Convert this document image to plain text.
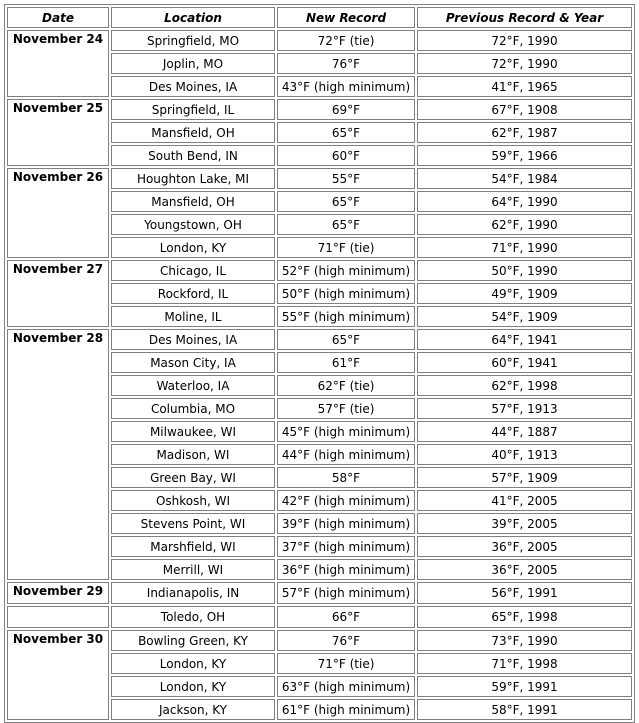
Date	Location	New Record	Previous Record & Year
November 24	Springfield, MO	72°F (tie)	72°F, 1990
	Joplin, MO	76°F	72°F, 1990
	Des Moines, IA	43°F (high minimum)	41°F, 1965
November 25	Springfield, IL	69°F	67°F, 1908
	Mansfield, OH	65°F	62°F, 1987
	South Bend, IN	60°F	59°F, 1966
November 26	Houghton Lake, MI	55°F	54°F, 1984
	Mansfield, OH	65°F	64°F, 1990
	Youngstown, OH	65°F	62°F, 1990
	London, KY	71°F (tie)	71°F, 1990
November 27	Chicago, IL	52°F (high minimum)	50°F, 1990
	Rockford, IL	50°F (high minimum)	49°F, 1909
	Moline, IL	55°F (high minimum)	54°F, 1909
November 28	Des Moines, IA	65°F	64°F, 1941
	Mason City, IA	61°F	60°F, 1941
	Waterloo, IA	62°F (tie)	62°F, 1998
	Columbia, MO	57°F (tie)	57°F, 1913
	Milwaukee, WI	45°F (high minimum)	44°F, 1887
	Madison, WI	44°F (high minimum)	40°F, 1913
	Green Bay, WI	58°F	57°F, 1909
	Oshkosh, WI	42°F (high minimum)	41°F, 2005
	Stevens Point, WI	39°F (high minimum)	39°F, 2005
	Marshfield, WI	37°F (high minimum)	36°F, 2005
	Merrill, WI	36°F (high minimum)	36°F, 2005
November 29	Indianapolis, IN	57°F (high minimum)	56°F, 1991
	Toledo, OH	66°F	65°F, 1998
November 30	Bowling Green, KY	76°F	73°F, 1990
	London, KY	71°F (tie)	71°F, 1998
	London, KY	63°F (high minimum)	59°F, 1991
	Jackson, KY	61°F (high minimum)	58°F, 1991
